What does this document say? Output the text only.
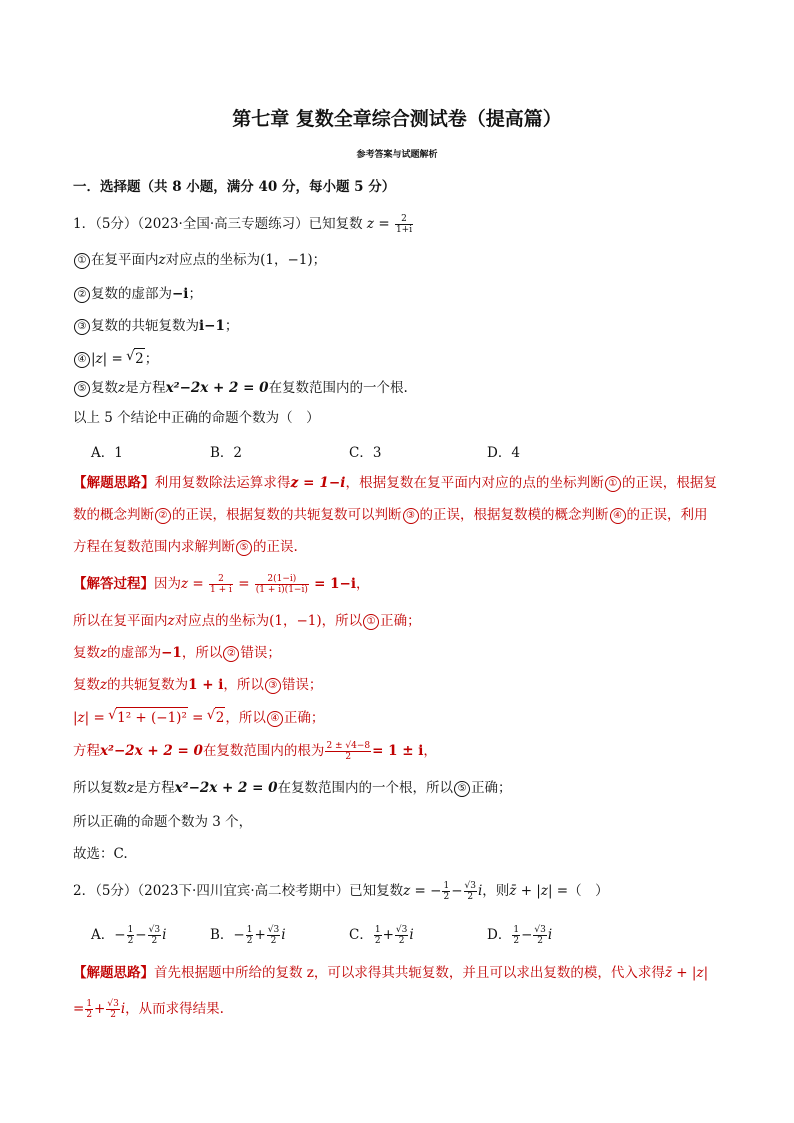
第七章 复数全章综合测试卷（提高篇）
参考答案与试题解析
一．选择题（共 8 小题，满分 40 分，每小题 5 分）
1．（5分）（2023·全国·高三专题练习）已知复数 $z = \frac{2}{1+i}$
① 在复平面内z对应点的坐标为(1，−1)；
② 复数的虚部为−i；
③ 复数的共轭复数为i−1；
④ |z| = √ 2；
⑤ 复数z是方程x²−2x + 2 = 0在复数范围内的一个根.
以上 5 个结论中正确的命题个数为（　）
A．1	B．2	C．3	D．4
【解题思路】利用复数除法运算求得z = 1−i，根据复数在复平面内对应的点的坐标判断 ① 的正误，根据复
数的概念判断 ② 的正误，根据复数的共轭复数可以判断 ③ 的正误，根据复数模的概念判断 ④ 的正误，利用
方程在复数范围内求解判断 ⑤ 的正误.
【解答过程】因为$z = \frac{2}{1 + i} = \frac{2(1-i)}{(1 + i)(1-i)} = 1-i$，
所以在复平面内z对应点的坐标为(1，−1)，所以 ① 正确；
复数z的虚部为−1，所以 ② 错误；
复数z的共轭复数为1 + i，所以 ③ 错误；
|z| = √ 1² + (−1)² = √ 2，所以 ④ 正确；
方程x²−2x + 2 = 0在复数范围内的根为 $\frac{2 \pm √4-8}{2} = 1 \pm i$，
所以复数z是方程x²−2x + 2 = 0在复数范围内的一个根，所以 ⑤ 正确；
所以正确的命题个数为 3 个，
故选：C.
2．（5分）（2023下·四川宜宾·高二校考期中）已知复数z = − $\frac{1}{2} - \frac{√3}{2}$ i，则z̄ + |z| =（　）
A．− $\frac{1}{2} - \frac{√3}{2}$ i	B．− $\frac{1}{2} + \frac{√3}{2}$ i	C． $\frac{1}{2} + \frac{√3}{2}$ i	D． $\frac{1}{2} - \frac{√3}{2}$ i
【解题思路】首先根据题中所给的复数 z，可以求得其共轭复数，并且可以求出复数的模，代入求得z̄ + |z|
= $\frac{1}{2} + \frac{√3}{2}$ i，从而求得结果.
